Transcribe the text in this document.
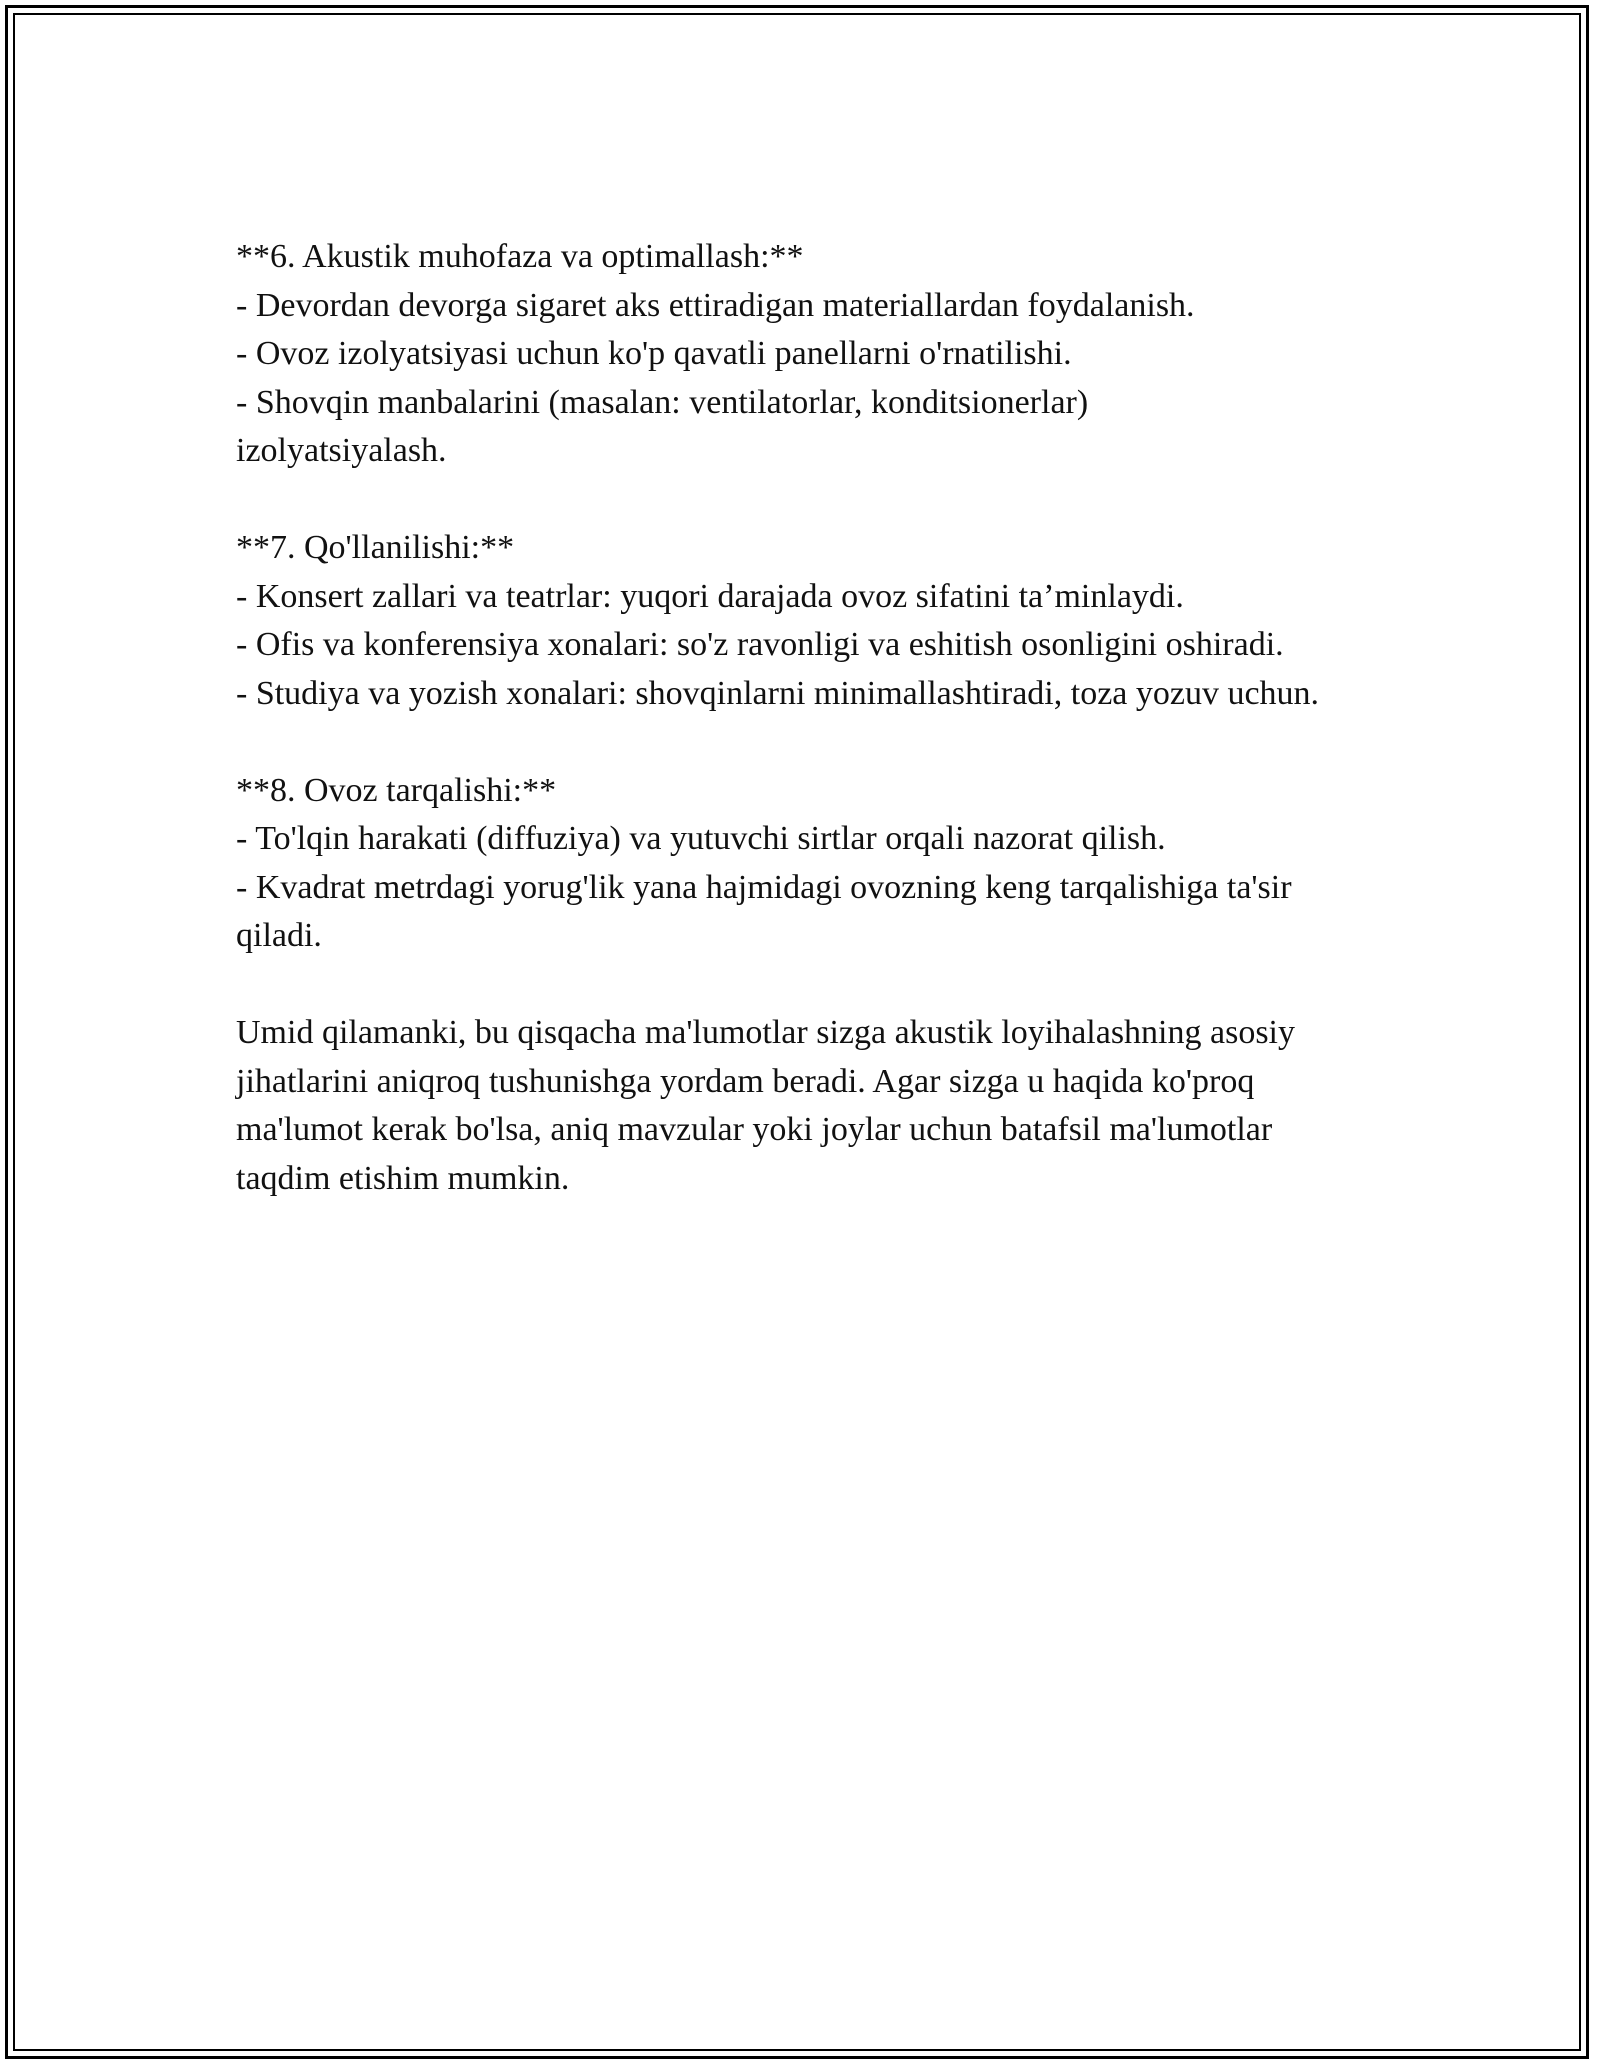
**6. Akustik muhofaza va optimallash:**
- Devordan devorga sigaret aks ettiradigan materiallardan foydalanish.
- Ovoz izolyatsiyasi uchun ko'p qavatli panellarni o'rnatilishi.
- Shovqin manbalarini (masalan: ventilatorlar, konditsionerlar) izolyatsiyalash.
**7. Qo'llanilishi:**
- Konsert zallari va teatrlar: yuqori darajada ovoz sifatini ta’minlaydi.
- Ofis va konferensiya xonalari: so'z ravonligi va eshitish osonligini oshiradi.
- Studiya va yozish xonalari: shovqinlarni minimallashtiradi, toza yozuv uchun.
**8. Ovoz tarqalishi:**
- To'lqin harakati (diffuziya) va yutuvchi sirtlar orqali nazorat qilish.
- Kvadrat metrdagi yorug'lik yana hajmidagi ovozning keng tarqalishiga ta'sir qiladi.

Umid qilamanki, bu qisqacha ma'lumotlar sizga akustik loyihalashning asosiy jihatlarini aniqroq tushunishga yordam beradi. Agar sizga u haqida ko'proq ma'lumot kerak bo'lsa, aniq mavzular yoki joylar uchun batafsil ma'lumotlar taqdim etishim mumkin.
